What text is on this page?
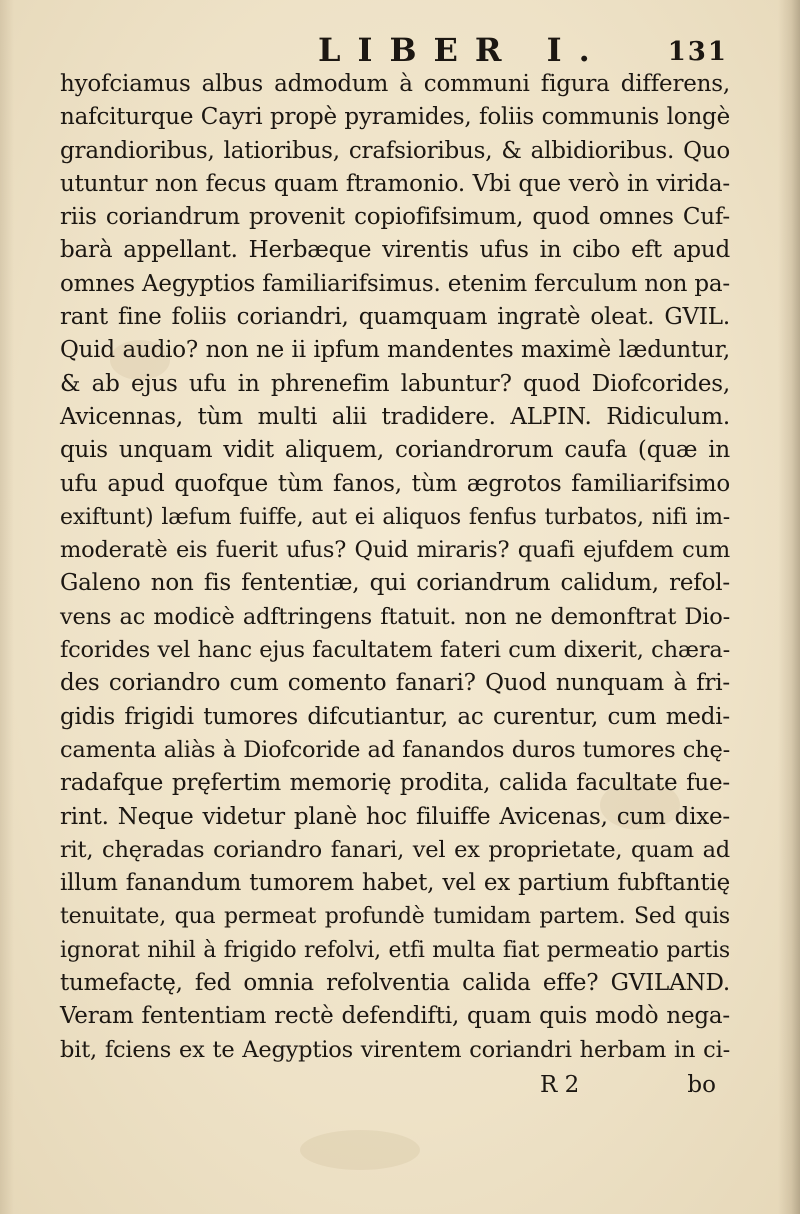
LIBER I. 131
hyofciamus albus admodum à communi figura differens,
nafciturque Cayri propè pyramides, foliis communis longè
grandioribus, latioribus, crafsioribus, & albidioribus. Quo
utuntur non fecus quam ftramonio. Vbi que verò in virida-
riis coriandrum provenit copiofifsimum, quod omnes Cuf-
barà appellant. Herbæque virentis ufus in cibo eft apud
omnes Aegyptios familiarifsimus. etenim ferculum non pa-
rant fine foliis coriandri, quamquam ingratè oleat. GVIL.
Quid audio? non ne ii ipfum mandentes maximè læduntur,
& ab ejus ufu in phrenefim labuntur? quod Diofcorides,
Avicennas, tùm multi alii tradidere. ALPIN. Ridiculum.
quis unquam vidit aliquem, coriandrorum caufa (quæ in
ufu apud quofque tùm fanos, tùm ægrotos familiarifsimo
exiftunt) læfum fuiffe, aut ei aliquos fenfus turbatos, nifi im-
moderatè eis fuerit ufus? Quid miraris? quafi ejufdem cum
Galeno non fis fententiæ, qui coriandrum calidum, refol-
vens ac modicè adftringens ftatuit. non ne demonftrat Dio-
fcorides vel hanc ejus facultatem fateri cum dixerit, chæra-
des coriandro cum comento fanari? Quod nunquam à fri-
gidis frigidi tumores difcutiantur, ac curentur, cum medi-
camenta aliàs à Diofcoride ad fanandos duros tumores chę-
radafque pręfertim memorię prodita, calida facultate fue-
rint. Neque videtur planè hoc filuiffe Avicenas, cum dixe-
rit, chęradas coriandro fanari, vel ex proprietate, quam ad
illum fanandum tumorem habet, vel ex partium fubftantię
tenuitate, qua permeat profundè tumidam partem. Sed quis
ignorat nihil à frigido refolvi, etfi multa fiat permeatio partis
tumefactę, fed omnia refolventia calida effe? GVILAND.
Veram fententiam rectè defendifti, quam quis modò nega-
bit, fciens ex te Aegyptios virentem coriandri herbam in ci-
R 2	bo
